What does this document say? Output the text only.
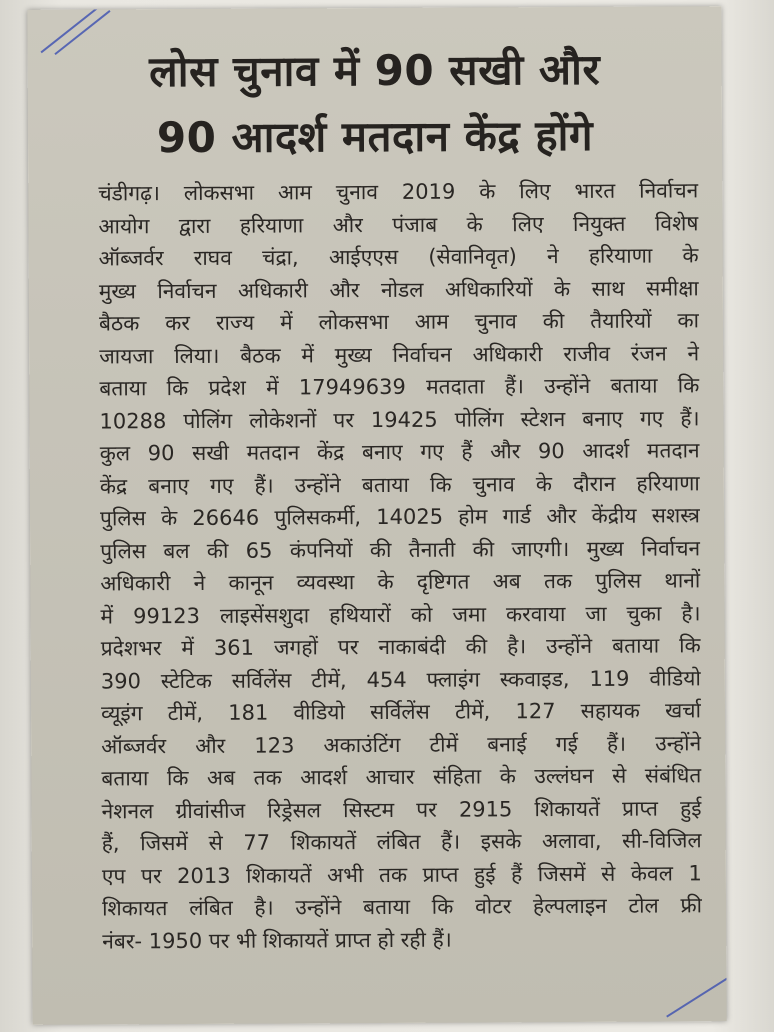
लोस चुनाव में 90 सखी और
90 आदर्श मतदान केंद्र होंगे
चंडीगढ़। लोकसभा आम चुनाव 2019 के लिए भारत निर्वाचन
आयोग द्वारा हरियाणा और पंजाब के लिए नियुक्त विशेष
ऑब्जर्वर राघव चंद्रा, आईएएस (सेवानिवृत) ने हरियाणा के
मुख्य निर्वाचन अधिकारी और नोडल अधिकारियों के साथ समीक्षा
बैठक कर राज्य में लोकसभा आम चुनाव की तैयारियों का
जायजा लिया। बैठक में मुख्य निर्वाचन अधिकारी राजीव रंजन ने
बताया कि प्रदेश में 17949639 मतदाता हैं। उन्होंने बताया कि
10288 पोलिंग लोकेशनों पर 19425 पोलिंग स्टेशन बनाए गए हैं।
कुल 90 सखी मतदान केंद्र बनाए गए हैं और 90 आदर्श मतदान
केंद्र बनाए गए हैं। उन्होंने बताया कि चुनाव के दौरान हरियाणा
पुलिस के 26646 पुलिसकर्मी, 14025 होम गार्ड और केंद्रीय सशस्त्र
पुलिस बल की 65 कंपनियों की तैनाती की जाएगी। मुख्य निर्वाचन
अधिकारी ने कानून व्यवस्था के दृष्टिगत अब तक पुलिस थानों
में 99123 लाइसेंसशुदा हथियारों को जमा करवाया जा चुका है।
प्रदेशभर में 361 जगहों पर नाकाबंदी की है। उन्होंने बताया कि
390 स्टेटिक सर्विलेंस टीमें, 454 फ्लाइंग स्कवाइड, 119 वीडियो
व्यूइंग टीमें, 181 वीडियो सर्विलेंस टीमें, 127 सहायक खर्चा
ऑब्जर्वर और 123 अकाउंटिंग टीमें बनाई गई हैं। उन्होंने
बताया कि अब तक आदर्श आचार संहिता के उल्लंघन से संबंधित
नेशनल ग्रीवांसीज रिड्रेसल सिस्टम पर 2915 शिकायतें प्राप्त हुई
हैं, जिसमें से 77 शिकायतें लंबित हैं। इसके अलावा, सी-विजिल
एप पर 2013 शिकायतें अभी तक प्राप्त हुई हैं जिसमें से केवल 1
शिकायत लंबित है। उन्होंने बताया कि वोटर हेल्पलाइन टोल फ्री
नंबर- 1950 पर भी शिकायतें प्राप्त हो रही हैं।
